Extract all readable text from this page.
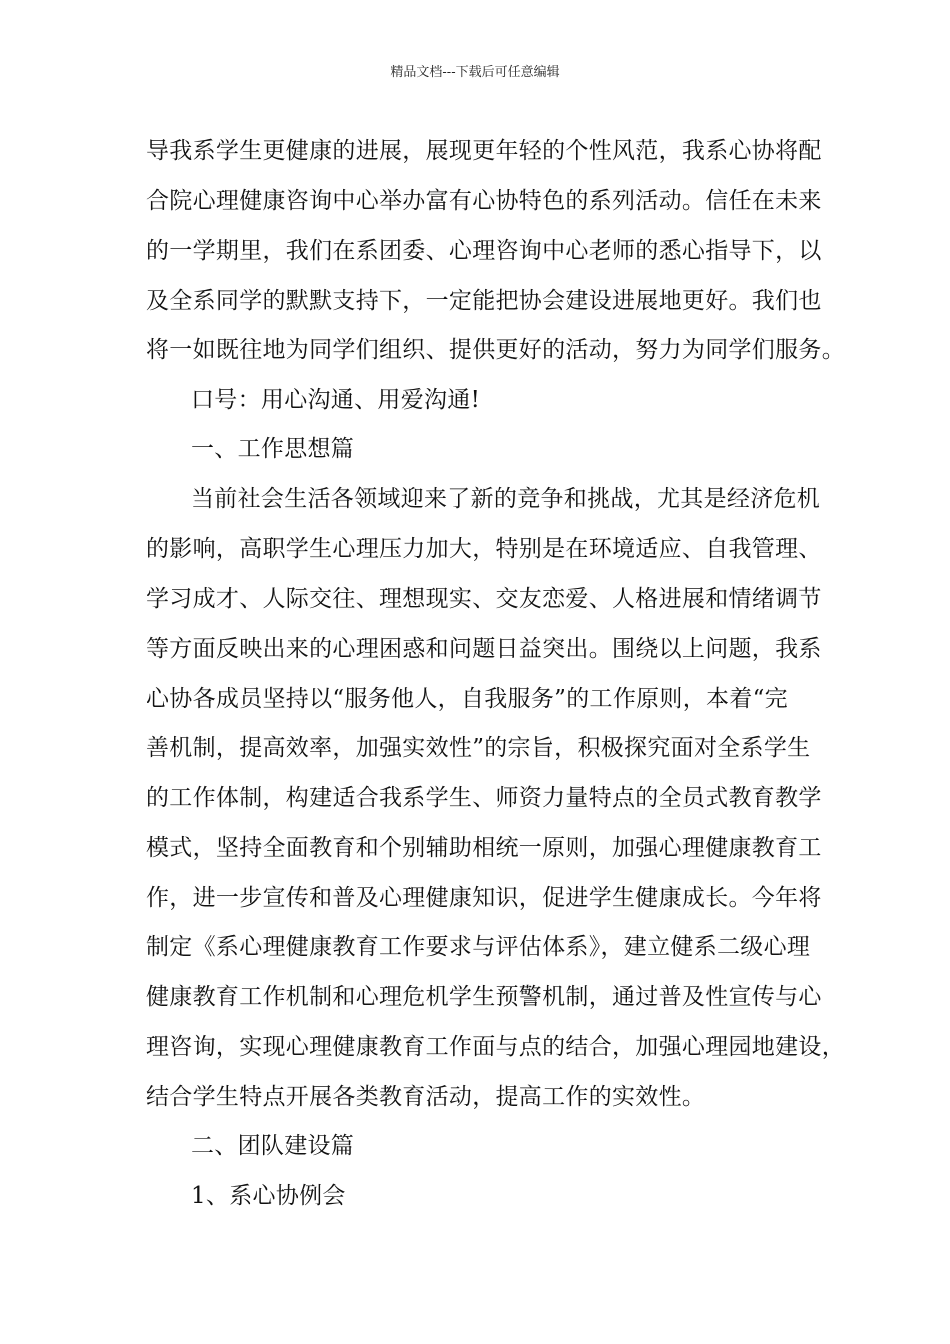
精品文档---下载后可任意编辑
导我系学生更健康的进展，展现更年轻的个性风范，我系心协将配
合院心理健康咨询中心举办富有心协特色的系列活动。信任在未来
的一学期里，我们在系团委、心理咨询中心老师的悉心指导下，以
及全系同学的默默支持下，一定能把协会建设进展地更好。我们也
将一如既往地为同学们组织、提供更好的活动，努力为同学们服务。
口号：用心沟通、用爱沟通!
一、工作思想篇
当前社会生活各领域迎来了新的竞争和挑战，尤其是经济危机
的影响，高职学生心理压力加大，特别是在环境适应、自我管理、
学习成才、人际交往、理想现实、交友恋爱、人格进展和情绪调节
等方面反映出来的心理困惑和问题日益突出。围绕以上问题，我系
心协各成员坚持以“服务他人，自我服务”的工作原则，本着“完
善机制，提高效率，加强实效性”的宗旨，积极探究面对全系学生
的工作体制，构建适合我系学生、师资力量特点的全员式教育教学
模式，坚持全面教育和个别辅助相统一原则，加强心理健康教育工
作，进一步宣传和普及心理健康知识，促进学生健康成长。今年将
制定《系心理健康教育工作要求与评估体系》，建立健系二级心理
健康教育工作机制和心理危机学生预警机制，通过普及性宣传与心
理咨询，实现心理健康教育工作面与点的结合，加强心理园地建设，
结合学生特点开展各类教育活动，提高工作的实效性。
二、团队建设篇
1、系心协例会
